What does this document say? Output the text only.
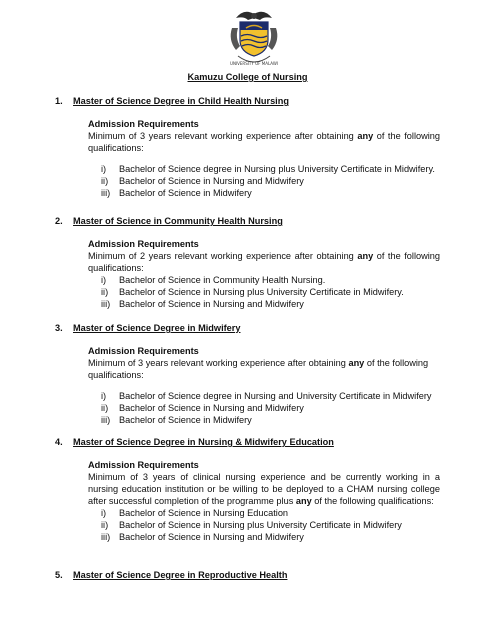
UNIVERSITY OF MALAWI
Kamuzu College of Nursing
1. Master of Science Degree in Child Health Nursing
Admission Requirements
Minimum of 3 years relevant working experience after obtaining any of the following qualifications:
i) Bachelor of Science degree in Nursing plus University Certificate in Midwifery.
ii) Bachelor of Science in Nursing and Midwifery
iii) Bachelor of Science in Midwifery
2. Master of Science in Community Health Nursing
Admission Requirements
Minimum of 2 years relevant working experience after obtaining any of the following qualifications:
i) Bachelor of Science in Community Health Nursing.
ii) Bachelor of Science in Nursing plus University Certificate in Midwifery.
iii) Bachelor of Science in Nursing and Midwifery
3. Master of Science Degree in Midwifery
Admission Requirements
Minimum of 3 years relevant working experience after obtaining any of the following qualifications:
i) Bachelor of Science degree in Nursing and University Certificate in Midwifery
ii) Bachelor of Science in Nursing and Midwifery
iii) Bachelor of Science in Midwifery
4. Master of Science Degree in Nursing & Midwifery Education
Admission Requirements
Minimum of 3 years of clinical nursing experience and be currently working in a nursing education institution or be willing to be deployed to a CHAM nursing college after successful completion of the programme plus any of the following qualifications:
i) Bachelor of Science in Nursing Education
ii) Bachelor of Science in Nursing plus University Certificate in Midwifery
iii) Bachelor of Science in Nursing and Midwifery
5. Master of Science Degree in Reproductive Health
